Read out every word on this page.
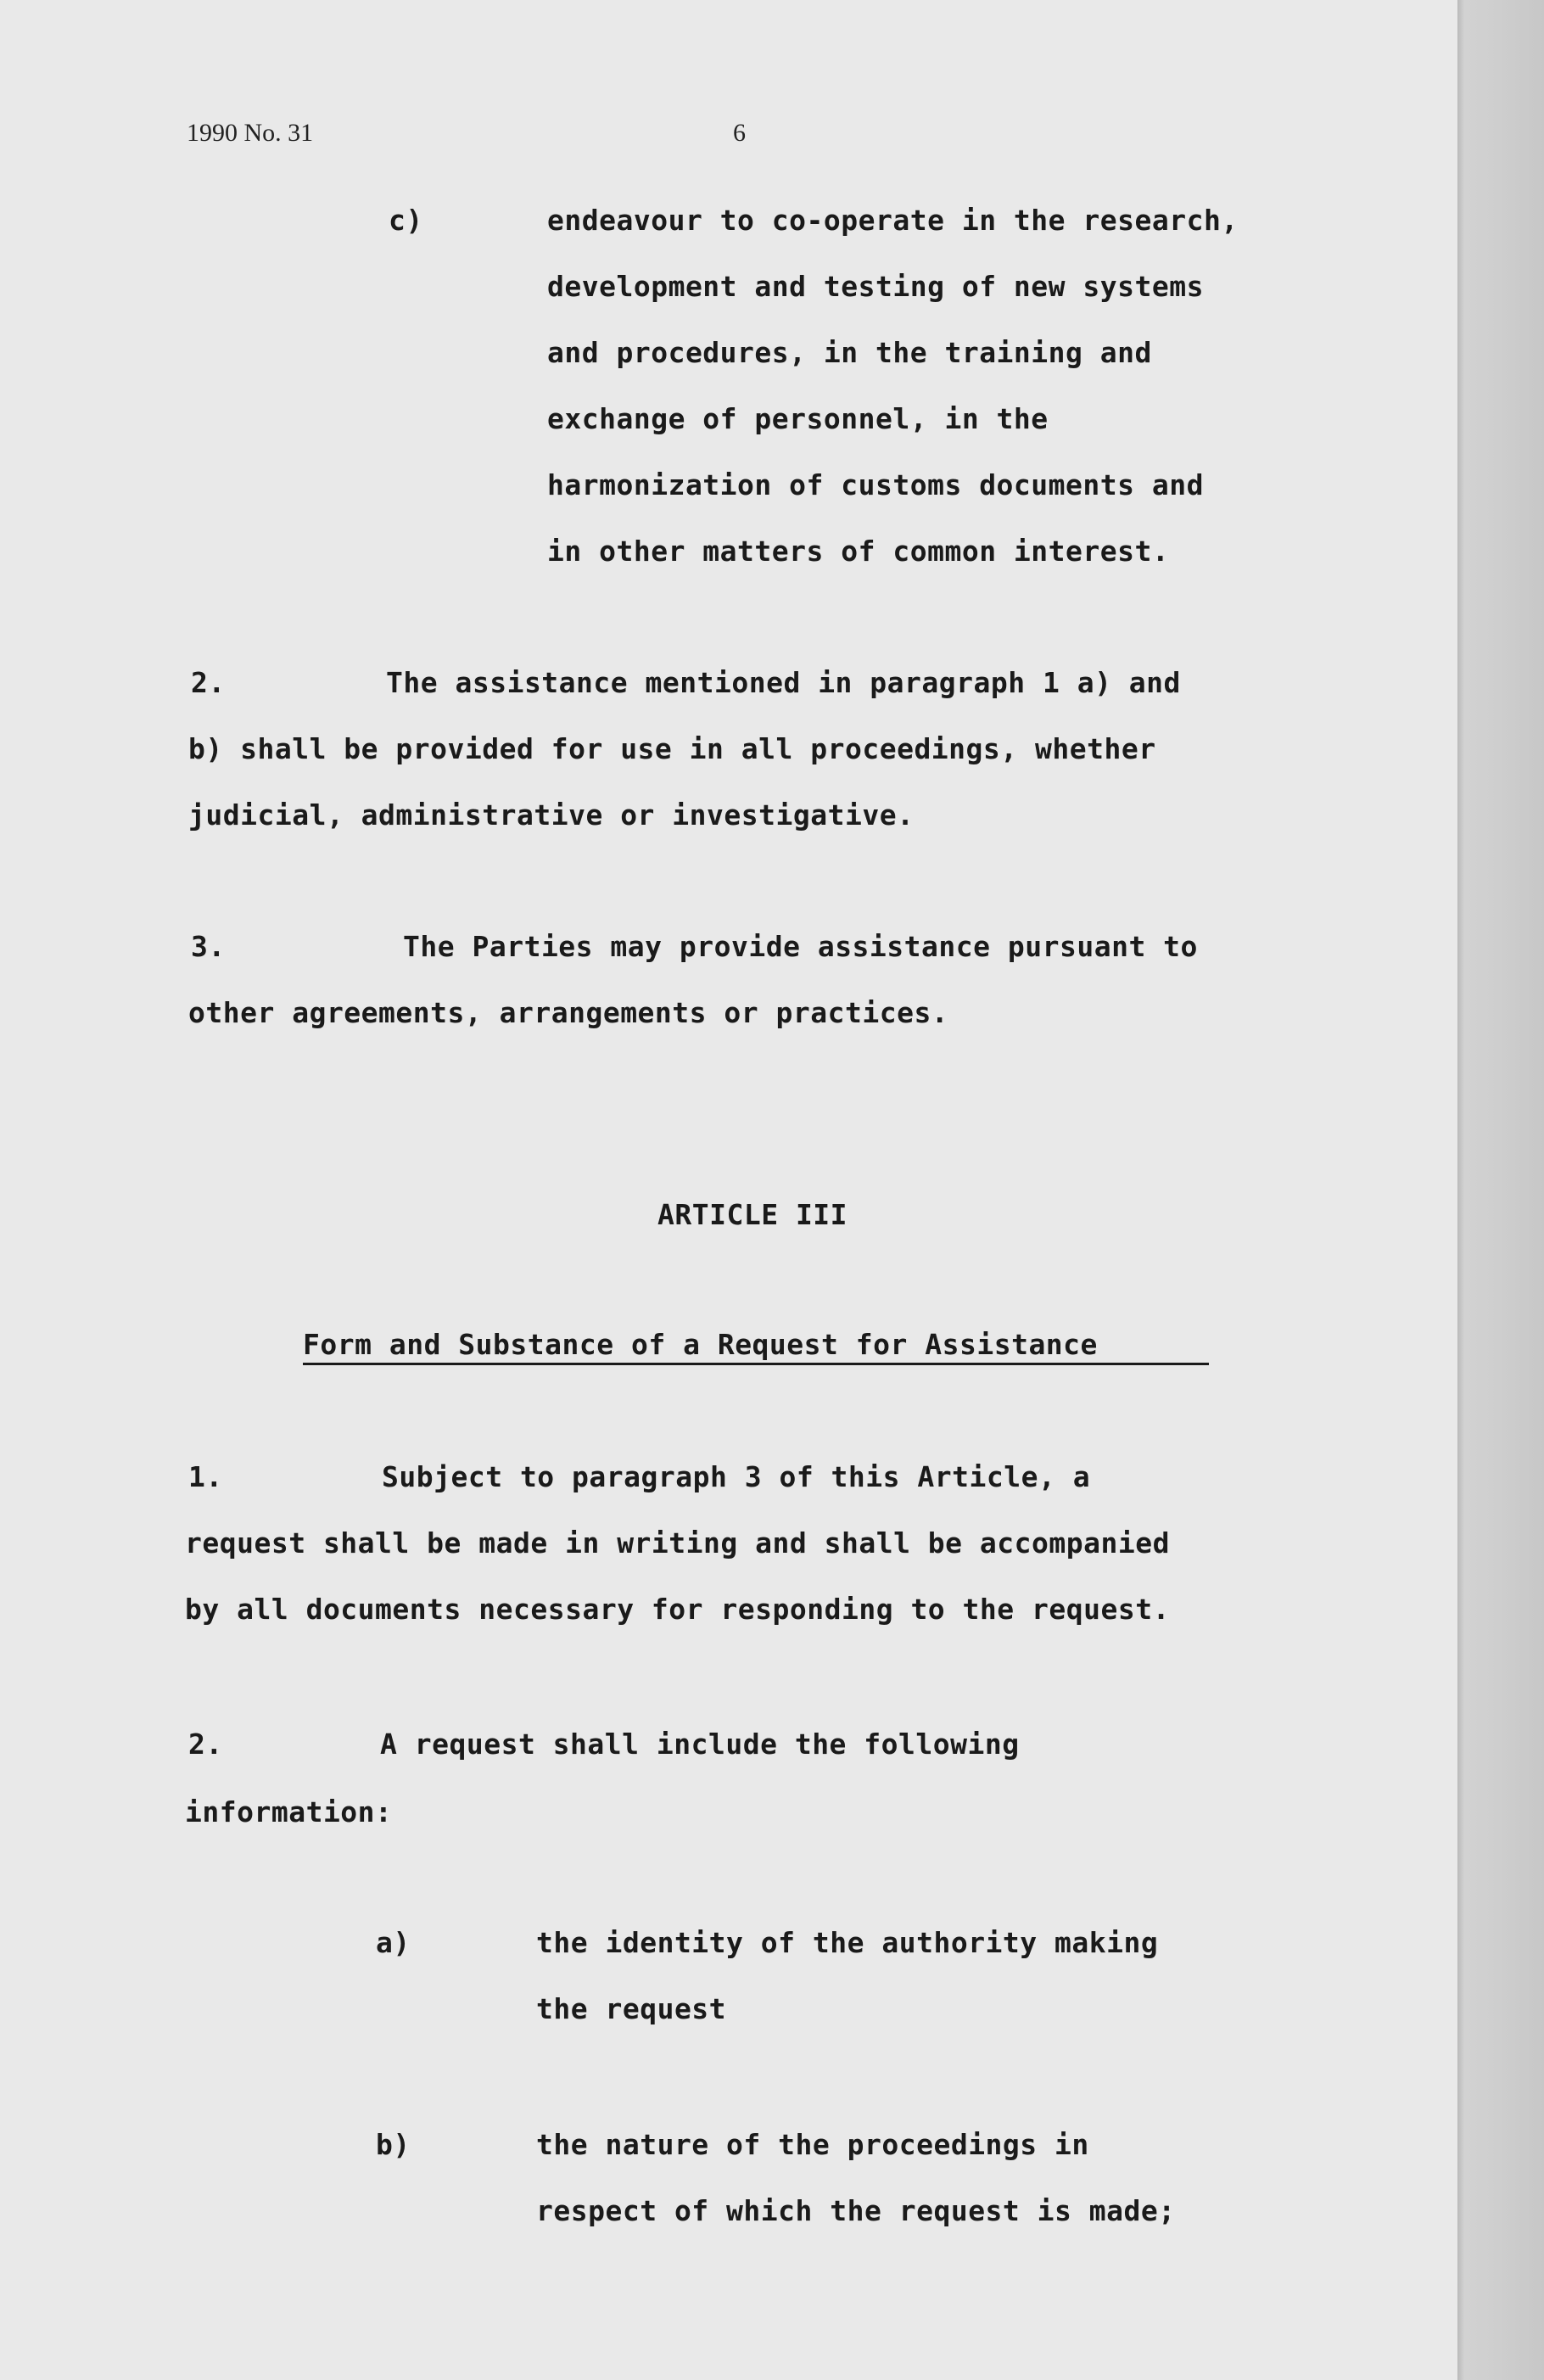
1990 No. 31	6
c)	endeavour to co-operate in the research,
development and testing of new systems
and procedures, in the training and
exchange of personnel, in the
harmonization of customs documents and
in other matters of common interest.
2.	The assistance mentioned in paragraph 1 a) and
b) shall be provided for use in all proceedings, whether
judicial, administrative or investigative.
3.	The Parties may provide assistance pursuant to
other agreements, arrangements or practices.
ARTICLE III
Form and Substance of a Request for Assistance
1.	Subject to paragraph 3 of this Article, a
request shall be made in writing and shall be accompanied
by all documents necessary for responding to the request.
2.	A request shall include the following
information:
a)	the identity of the authority making
the request
b)	the nature of the proceedings in
respect of which the request is made;
